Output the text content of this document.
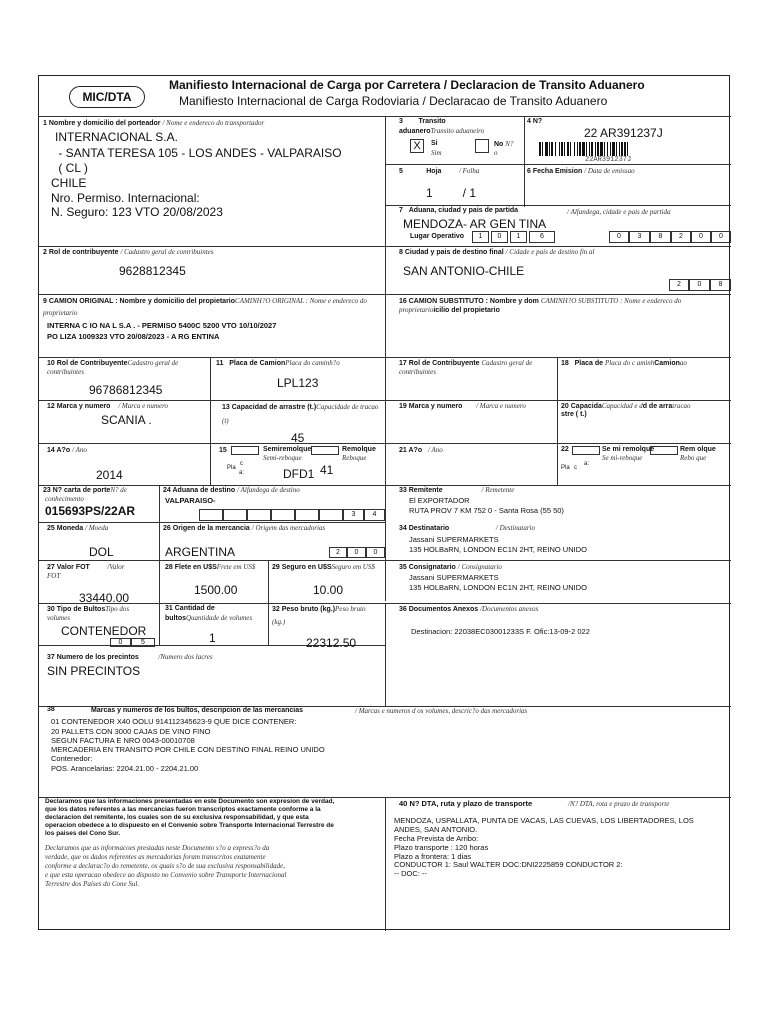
Manifiesto Internacional de Carga por Carretera / Declaracion de Transito Aduanero
Manifiesto Internacional de Carga Rodoviaria / Declaracao de Transito Aduanero
MIC/DTA
1 Nombre y domicilio del porteador / Nome e endereco do transportador
INTERNACIONAL S.A.
- SANTA TERESA 105 - LOS ANDES - VALPARAISO
( CL )
CHILE
Nro. Permiso. Internacional:
N. Seguro: 123 VTO 20/08/2023
3 Transito
aduaneroTransito aduaneiro
X	Si
Sim
No N?
o
4 N?
22 AR391237J
22AR391237J
5	Hoja	/ Folha
1         / 1
6 Fecha Emision / Data de emissao
7 Aduana, ciudad y pais de partida	/ Alfandega, cidade e pais de partida
MENDOZA- AR GEN TINA
Lugar Operativo	1	0	1	6	0	3	8	2	0	0
2 Rol de contribuyente / Cadastro geral de contribuintes
9628812345
8 Ciudad y pais de destino final / Cidade e pais de destino fin al
SAN ANTONIO-CHILE
2	0	8
9 CAMION ORIGINAL : Nombre y domicilio del propietarioCAMINH?O ORIGINAL : Nome e endereco do
proprietario
INTERNA C IO NA L S.A . - PERMISO 5400C 5200 VTO 10/10/2027
PO LIZA 1009323 VTO 20/08/2023 - A RG ENTINA
16 CAMION SUBSTITUTO : Nombre y dom CAMINH?O SUBSTITUTO : Nome e endereco do
proprietarioicilio del propietario
10 Rol de ContribuyenteCadastro geral de
contribuintes
96786812345
11 Placa de CamionPlaca do caminh?o
LPL123
17 Rol de Contribuyente Cadastro geral de
contribuintes
18 Placa de Placa do c aminhCamionao
12 Marca y numero / Marca e numero
SCANIA .
13 Capacidad de arrastre (t.)Capacidade de tracao
(t)
45
19 Marca y numero / Marca e numero	20 CapacidaCapacidad e dd de arratracao
stre ( t.)
14 A?o / Ano
2014
15	Semiremolque
Semi-reboque
Remolque
Reboque
Pla
c
a:	DFD1 41
21 A?o / Ano	22	Se mi remolque
Se mi-reboque
Rem olque
Rebo que
Pla c
a:
23 N? carta de porteN? de
conhecimento
015693PS/22AR
24 Aduana de destino / Alfandega de destino
VALPARAISO-
3	4
33 Remitente	/ Remetente
El EXPORTADOR
RUTA PROV 7 KM 752 0 - Santa Rosa (55 50)
34 Destinatario	/ Destinatario
Jassani SUPERMARKETS
135 HOLBaRN, LONDON EC1N 2HT, REINO UNIDO
25 Moneda / Moeda
DOL
26 Origen de la mercancia / Origem das mercadorias
ARGENTINA	2	0	0
27 Valor FOT	/Valor
FOT
33440.00
28 Flete en U$SFrete em US$
1500.00
29 Seguro en U$SSeguro em US$
10.00
35 Consignatario / Consignatario
Jassani SUPERMARKETS
135 HOLBaRN, LONDON EC1N 2HT, REINO UNIDO
30 Tipo de BultosTipo dos
volumes
CONTENEDOR
0	5
31 Cantidad de
bultosQuantidade de volumes
1
32 Peso bruto (kg.)Peso bruto
(kg.)
22312.50
36 Documentos Anexos /Documentos anexos
Destinacion: 22038EC03001233S F. Ofic:13-09-2 022
37 Numero de los precintos	/Numero dos lacres
SIN PRECINTOS
38	Marcas y numeros de los bultos, descripcion de las mercancias	/ Marcas e numeros d os volumes, descric?o das mercadorias
01 CONTENEDOR X40 OOLU 914112345623-9 QUE DICE CONTENER:
20 PALLETS CON 3000 CAJAS DE VINO FINO
SEGUN FACTURA E NRO 0043-00010708
MERCADERIA EN TRANSITO POR CHILE CON DESTINO FINAL REINO UNIDO
Contenedor:
POS. Arancelarias: 2204.21.00 - 2204.21.00
Declaramos que las informaciones presentadas en este Documento son expresion de verdad,
que los datos referentes a las mercancias fueron transcriptos exactamente conforme a la
declaracion del remitente, los cuales son de su exclusiva responsabilidad, y que esta
operacion obedece a lo dispuesto en el Convenio sobre Transporte Internacional Terrestre de
los paises del Cono Sur.
Declaramos que as informacoes prestadas neste Documento s?o a express?o da
verdade, que os dados referentes as mercadorias foram transcritos exatamente
conforme a declarac?o do remetente, os quais s?o de sua exclusiva responsabilidade,
e que esta operacao obedece ao disposto no Convenio sobre Transporte Internacional
Terrestre dos Paises do Cone Sul.
40 N? DTA, ruta y plazo de transporte	/N? DTA, rota e prazo de transporte
MENDOZA, USPALLATA, PUNTA DE VACAS, LAS CUEVAS, LOS LIBERTADORES, LOS
ANDES, SAN ANTONIO.
Fecha Prevista de Arribo:
Plazo transporte : 120 horas
Plazo a frontera: 1 dias
CONDUCTOR 1: Saul WALTER DOC:DNI2225859 CONDUCTOR 2:
-- DOC: --
